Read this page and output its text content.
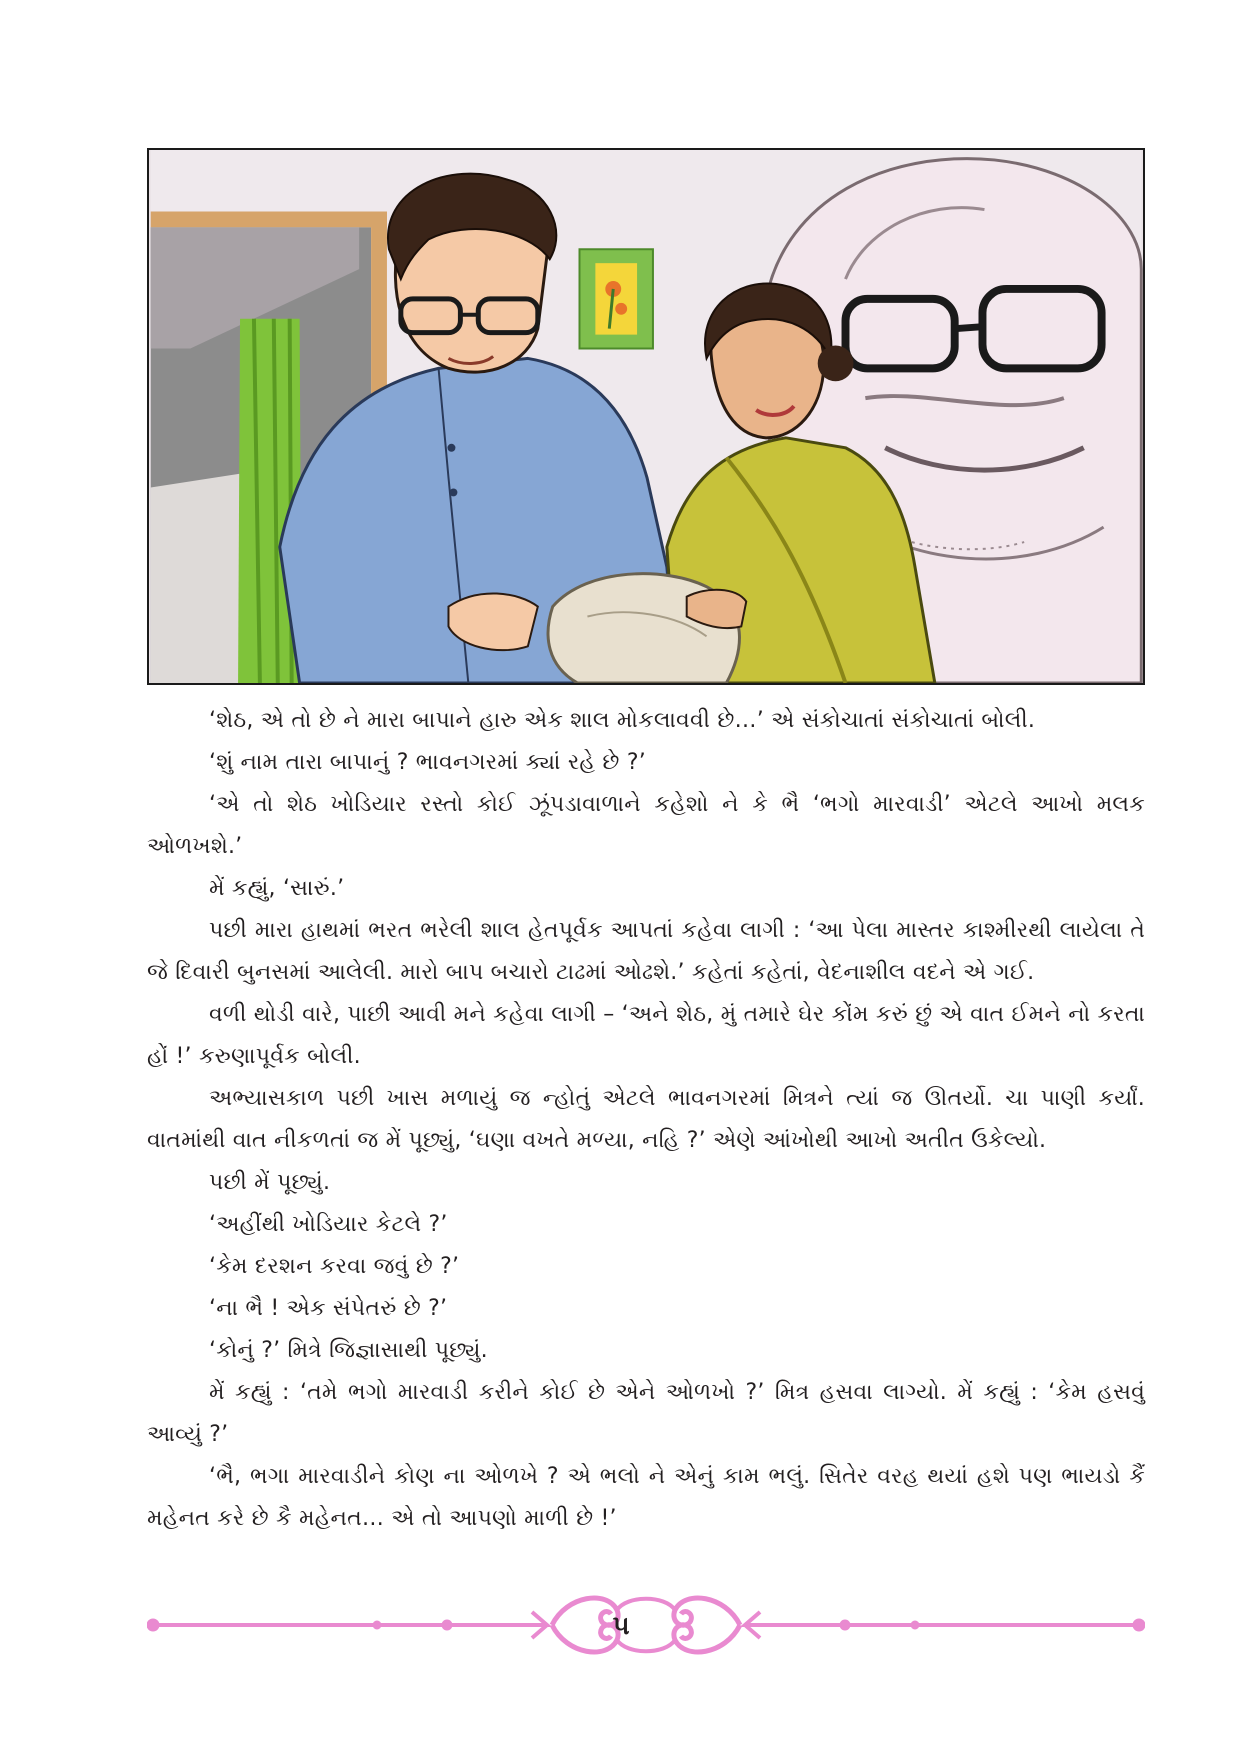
‘શેઠ, એ તો છે ને મારા બાપાને હારુ એક શાલ મોકલાવવી છે…’ એ સંકોચાતાં સંકોચાતાં બોલી.

‘શું નામ તારા બાપાનું ? ભાવનગરમાં ક્યાં રહે છે ?’

‘એ તો શેઠ ખોડિયાર રસ્તો કોઈ ઝૂંપડાવાળાને કહેશો ને કે ભૈ ‘ભગો મારવાડી’ એટલે આખો મલક ઓળખશે.’

મેં કહ્યું, ‘સારું.’

પછી મારા હાથમાં ભરત ભરેલી શાલ હેતપૂર્વક આપતાં કહેવા લાગી : ‘આ પેલા માસ્તર કાશ્મીરથી લાયેલા તે જે દિવારી બુનસમાં આલેલી. મારો બાપ બચારો ટાઢમાં ઓઢશે.’ કહેતાં કહેતાં, વેદનાશીલ વદને એ ગઈ.

વળી થોડી વારે, પાછી આવી મને કહેવા લાગી – ‘અને શેઠ, મું તમારે ઘેર કોંમ કરું છું એ વાત ઈમને નો કરતા હોં !’ કરુણાપૂર્વક બોલી.

અભ્યાસકાળ પછી ખાસ મળાયું જ ન્હોતું એટલે ભાવનગરમાં મિત્રને ત્યાં જ ઊતર્યો. ચા પાણી કર્યાં. વાતમાંથી વાત નીકળતાં જ મેં પૂછ્યું, ‘ઘણા વખતે મળ્યા, નહિ ?’ એણે આંખોથી આખો અતીત ઉકેલ્યો.

પછી મેં પૂછ્યું.

‘અહીંથી ખોડિયાર કેટલે ?’

‘કેમ દરશન કરવા જવું છે ?’

‘ના ભૈ ! એક સંપેતરું છે ?’

‘કોનું ?’ મિત્રે જિજ્ઞાસાથી પૂછ્યું.

મેં કહ્યું : ‘તમે ભગો મારવાડી કરીને કોઈ છે એને ઓળખો ?’ મિત્ર હસવા લાગ્યો. મેં કહ્યું : ‘કેમ હસવું આવ્યું ?’

‘ભૈ, ભગા મારવાડીને કોણ ના ઓળખે ? એ ભલો ને એનું કામ ભલું. સિતેર વરહ થયાં હશે પણ ભાયડો કૈં મહેનત કરે છે કૈ મહેનત… એ તો આપણો માળી છે !’

૫
